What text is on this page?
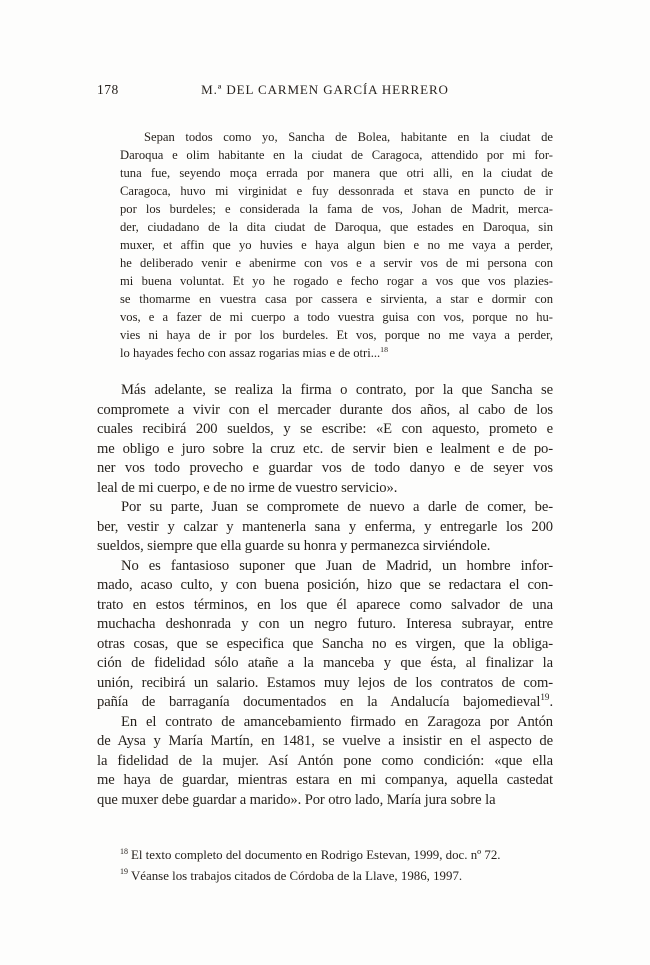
178	M.ª DEL CARMEN GARCÍA HERRERO
Sepan todos como yo, Sancha de Bolea, habitante en la ciudat de
Daroqua e olim habitante en la ciudat de Caragoca, attendido por mi for-
tuna fue, seyendo moça errada por manera que otri alli, en la ciudat de
Caragoca, huvo mi virginidat e fuy dessonrada et stava en puncto de ir
por los burdeles; e considerada la fama de vos, Johan de Madrit, merca-
der, ciudadano de la dita ciudat de Daroqua, que estades en Daroqua, sin
muxer, et affin que yo huvies e haya algun bien e no me vaya a perder,
he deliberado venir e abenirme con vos e a servir vos de mi persona con
mi buena voluntat. Et yo he rogado e fecho rogar a vos que vos plazies-
se thomarme en vuestra casa por cassera e sirvienta, a star e dormir con
vos, e a fazer de mi cuerpo a todo vuestra guisa con vos, porque no hu-
vies ni haya de ir por los burdeles. Et vos, porque no me vaya a perder,
lo hayades fecho con assaz rogarias mias e de otri...$^{18}$
Más adelante, se realiza la firma o contrato, por la que Sancha se
compromete a vivir con el mercader durante dos años, al cabo de los
cuales recibirá 200 sueldos, y se escribe: «E con aquesto, prometo e
me obligo e juro sobre la cruz etc. de servir bien e lealment e de po-
ner vos todo provecho e guardar vos de todo danyo e de seyer vos
leal de mi cuerpo, e de no irme de vuestro servicio».
Por su parte, Juan se compromete de nuevo a darle de comer, be-
ber, vestir y calzar y mantenerla sana y enferma, y entregarle los 200
sueldos, siempre que ella guarde su honra y permanezca sirviéndole.
No es fantasioso suponer que Juan de Madrid, un hombre infor-
mado, acaso culto, y con buena posición, hizo que se redactara el con-
trato en estos términos, en los que él aparece como salvador de una
muchacha deshonrada y con un negro futuro. Interesa subrayar, entre
otras cosas, que se especifica que Sancha no es virgen, que la obliga-
ción de fidelidad sólo atañe a la manceba y que ésta, al finalizar la
unión, recibirá un salario. Estamos muy lejos de los contratos de com-
pañía de barraganía documentados en la Andalucía bajomedieval$^{19}$.
En el contrato de amancebamiento firmado en Zaragoza por Antón
de Aysa y María Martín, en 1481, se vuelve a insistir en el aspecto de
la fidelidad de la mujer. Así Antón pone como condición: «que ella
me haya de guardar, mientras estara en mi companya, aquella castedat
que muxer debe guardar a marido». Por otro lado, María jura sobre la
$^{18}$ El texto completo del documento en Rodrigo Estevan, 1999, doc. nº 72.
$^{19}$ Véanse los trabajos citados de Córdoba de la Llave, 1986, 1997.
